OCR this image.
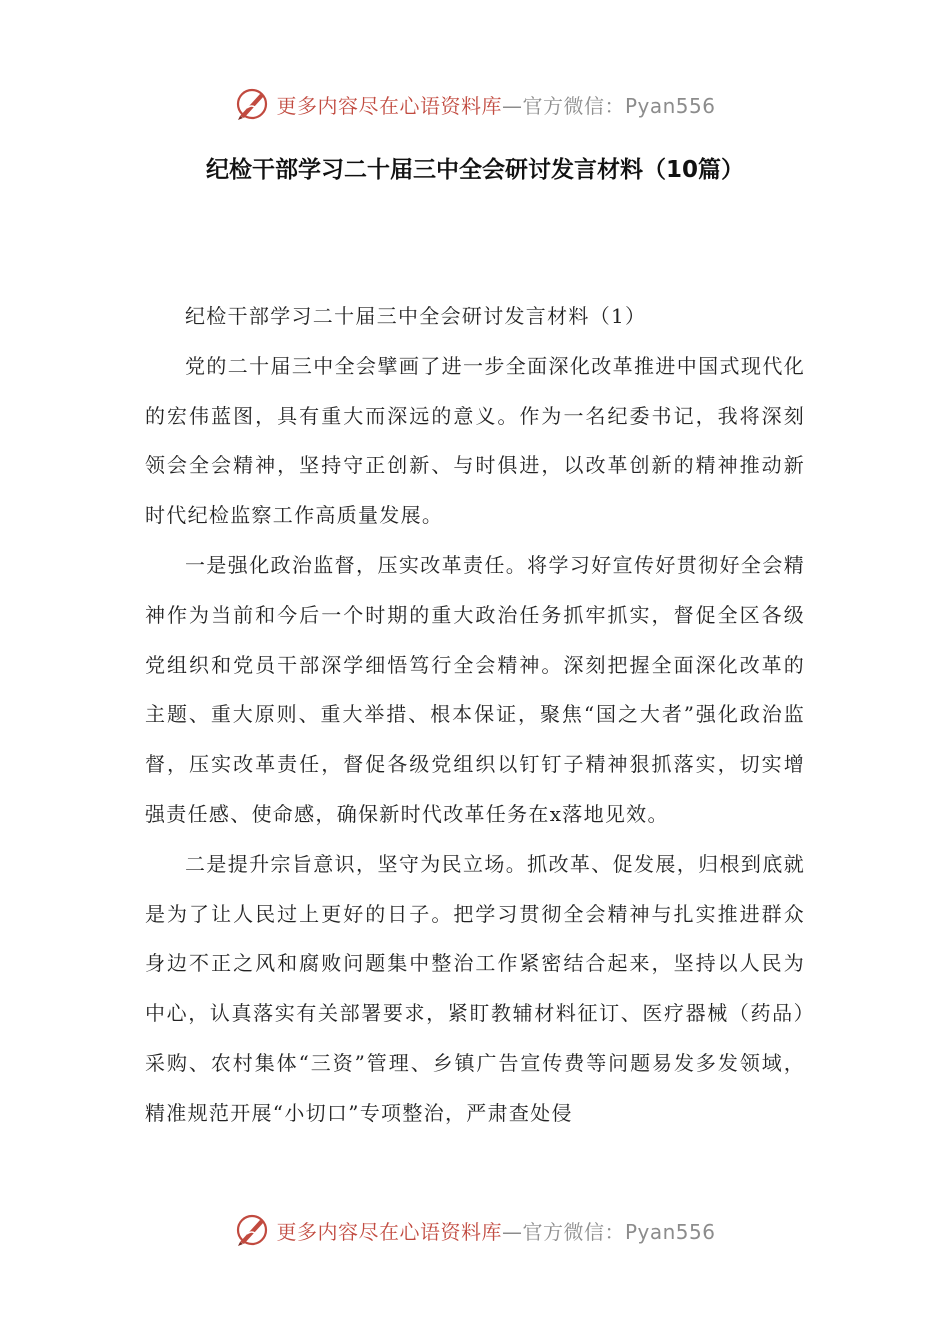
更多内容尽在心语资料库—官方微信：Pyan556
纪检干部学习二十届三中全会研讨发言材料（10篇）

纪检干部学习二十届三中全会研讨发言材料（1）

党的二十届三中全会擘画了进一步全面深化改革推进中国式现代化的宏伟蓝图，具有重大而深远的意义。作为一名纪委书记，我将深刻领会全会精神，坚持守正创新、与时俱进，以改革创新的精神推动新时代纪检监察工作高质量发展。

一是强化政治监督，压实改革责任。将学习好宣传好贯彻好全会精神作为当前和今后一个时期的重大政治任务抓牢抓实，督促全区各级党组织和党员干部深学细悟笃行全会精神。深刻把握全面深化改革的主题、重大原则、重大举措、根本保证，聚焦“国之大者”强化政治监督，压实改革责任，督促各级党组织以钉钉子精神狠抓落实，切实增强责任感、使命感，确保新时代改革任务在x落地见效。

二是提升宗旨意识，坚守为民立场。抓改革、促发展，归根到底就是为了让人民过上更好的日子。把学习贯彻全会精神与扎实推进群众身边不正之风和腐败问题集中整治工作紧密结合起来，坚持以人民为中心，认真落实有关部署要求，紧盯教辅材料征订、医疗器械（药品）采购、农村集体“三资”管理、乡镇广告宣传费等问题易发多发领域，精准规范开展“小切口”专项整治，严肃查处侵

更多内容尽在心语资料库—官方微信：Pyan556
